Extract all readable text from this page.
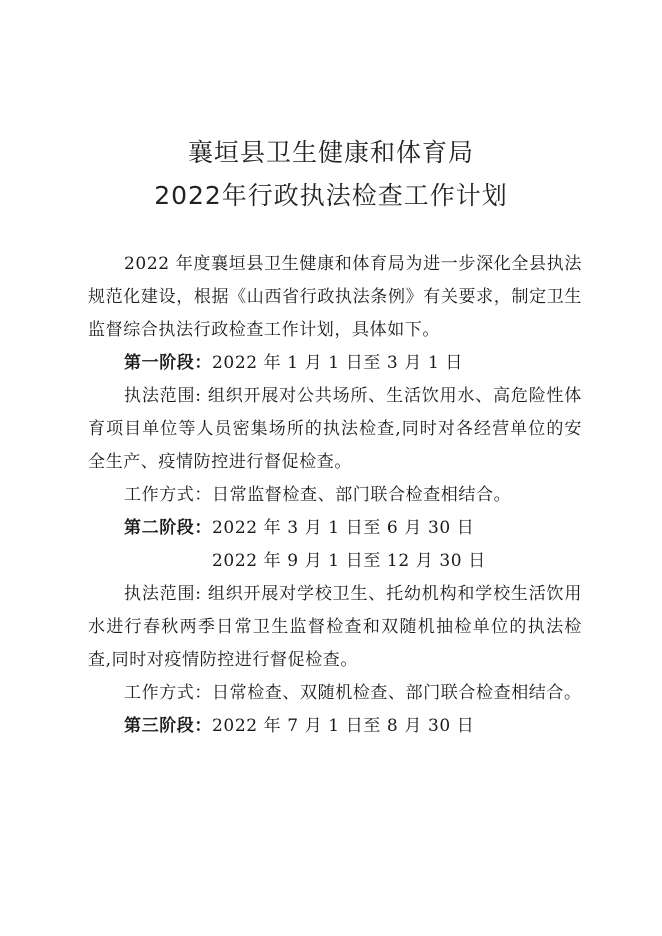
襄垣县卫生健康和体育局
2022年行政执法检查工作计划

2022 年度襄垣县卫生健康和体育局为进一步深化全县执法规范化建设，根据《山西省行政执法条例》有关要求，制定卫生监督综合执法行政检查工作计划，具体如下。

第一阶段：2022 年 1 月 1 日至 3 月 1 日

执法范围: 组织开展对公共场所、生活饮用水、高危险性体育项目单位等人员密集场所的执法检查,同时对各经营单位的安全生产、疫情防控进行督促检查。

工作方式：日常监督检查、部门联合检查相结合。

第二阶段：2022 年 3 月 1 日至 6 月 30 日

2022 年 9 月 1 日至 12 月 30 日

执法范围: 组织开展对学校卫生、托幼机构和学校生活饮用水进行春秋两季日常卫生监督检查和双随机抽检单位的执法检查,同时对疫情防控进行督促检查。

工作方式：日常检查、双随机检查、部门联合检查相结合。

第三阶段：2022 年 7 月 1 日至 8 月 30 日
